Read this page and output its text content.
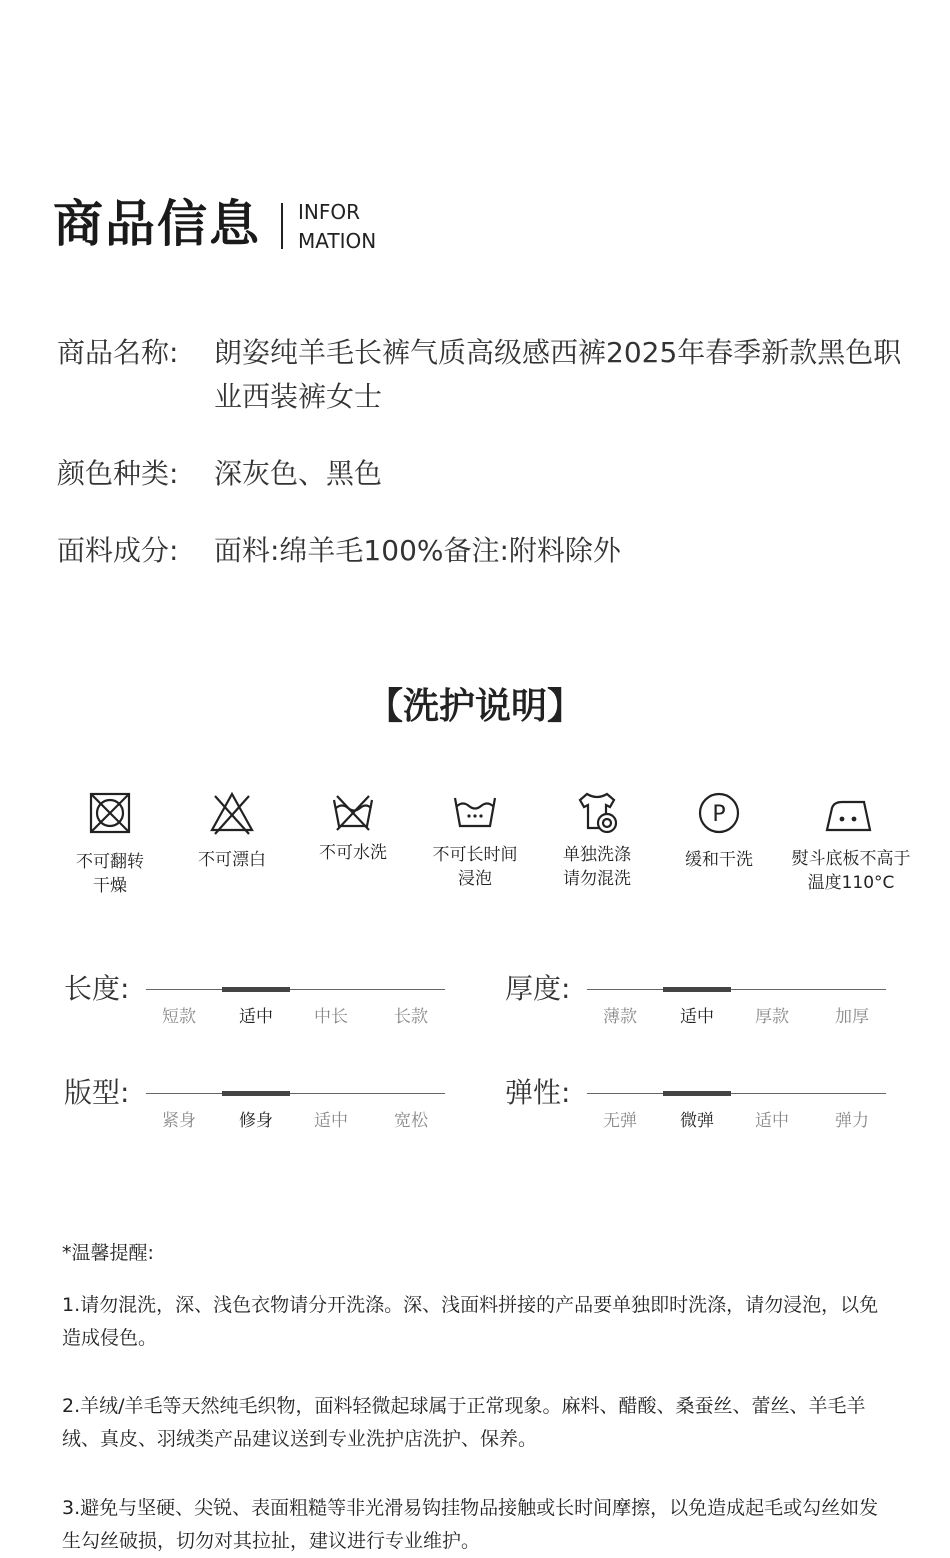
商品信息 INFOR
MATION
商品名称: 朗姿纯羊毛长裤气质高级感西裤2025年春季新款黑色职业西装裤女士
颜色种类: 深灰色、黑色
面料成分: 面料:绵羊毛100%备注:附料除外
【洗护说明】
P
不可翻转
干燥
不可漂白	不可水洗	不可长时间
浸泡
单独洗涤
请勿混洗
缓和干洗	熨斗底板不高于
温度110°C
长度:
短款	适中	中长	长款
厚度:
薄款	适中	厚款	加厚
版型:
紧身	修身	适中	宽松
弹性:
无弹	微弹	适中	弹力
*温馨提醒:
1.请勿混洗，深、浅色衣物请分开洗涤。深、浅面料拼接的产品要单独即时洗涤，请勿浸泡，以免造成侵色。
2.羊绒/羊毛等天然纯毛织物，面料轻微起球属于正常现象。麻料、醋酸、桑蚕丝、蕾丝、羊毛羊绒、真皮、羽绒类产品建议送到专业洗护店洗护、保养。
3.避免与坚硬、尖锐、表面粗糙等非光滑易钩挂物品接触或长时间摩擦，以免造成起毛或勾丝如发生勾丝破损，切勿对其拉扯，建议进行专业维护。
